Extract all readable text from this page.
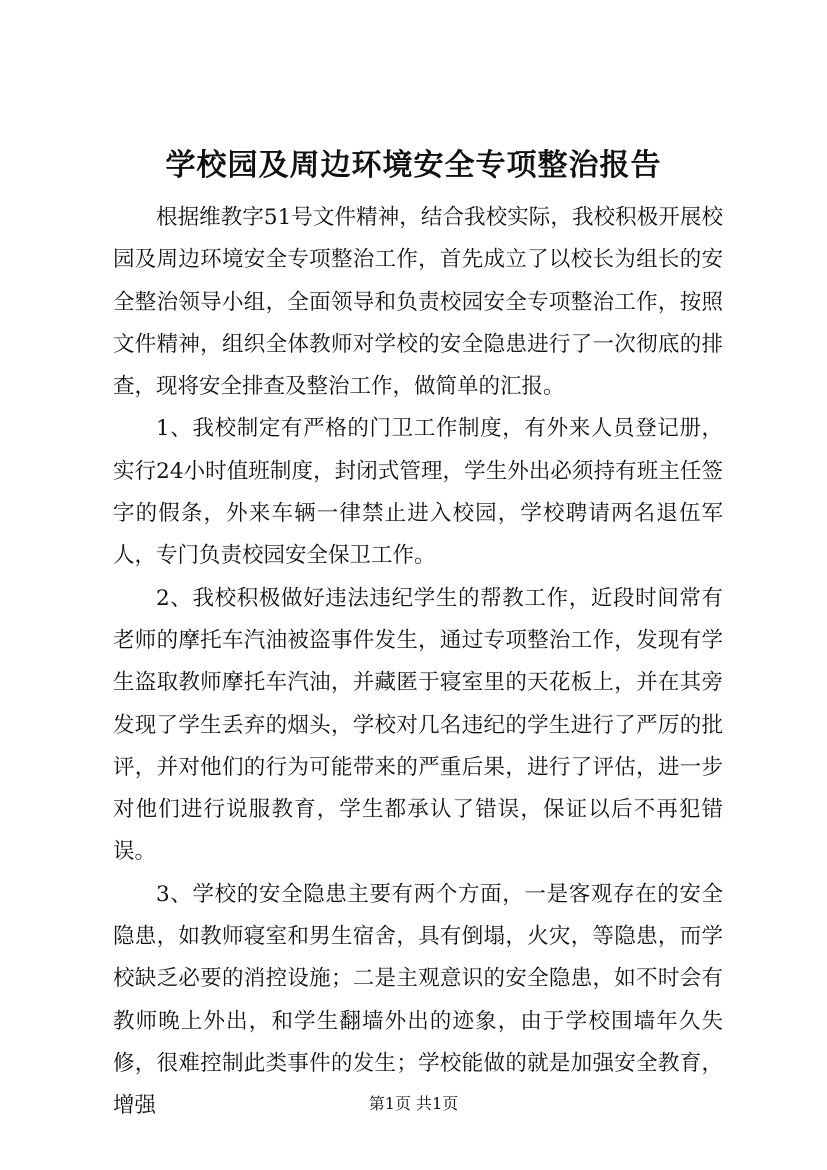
学校园及周边环境安全专项整治报告

根据维教字51号文件精神，结合我校实际，我校积极开展校园及周边环境安全专项整治工作，首先成立了以校长为组长的安全整治领导小组，全面领导和负责校园安全专项整治工作，按照文件精神，组织全体教师对学校的安全隐患进行了一次彻底的排查，现将安全排查及整治工作，做简单的汇报。

1、我校制定有严格的门卫工作制度，有外来人员登记册，实行24小时值班制度，封闭式管理，学生外出必须持有班主任签字的假条，外来车辆一律禁止进入校园，学校聘请两名退伍军人，专门负责校园安全保卫工作。

2、我校积极做好违法违纪学生的帮教工作，近段时间常有老师的摩托车汽油被盗事件发生，通过专项整治工作，发现有学生盗取教师摩托车汽油，并藏匿于寝室里的天花板上，并在其旁发现了学生丢弃的烟头，学校对几名违纪的学生进行了严厉的批评，并对他们的行为可能带来的严重后果，进行了评估，进一步对他们进行说服教育，学生都承认了错误，保证以后不再犯错误。

3、学校的安全隐患主要有两个方面，一是客观存在的安全隐患，如教师寝室和男生宿舍，具有倒塌，火灾，等隐患，而学校缺乏必要的消控设施；二是主观意识的安全隐患，如不时会有教师晚上外出，和学生翻墙外出的迹象，由于学校围墙年久失修，很难控制此类事件的发生；学校能做的就是加强安全教育，增强	第1页 共1页
